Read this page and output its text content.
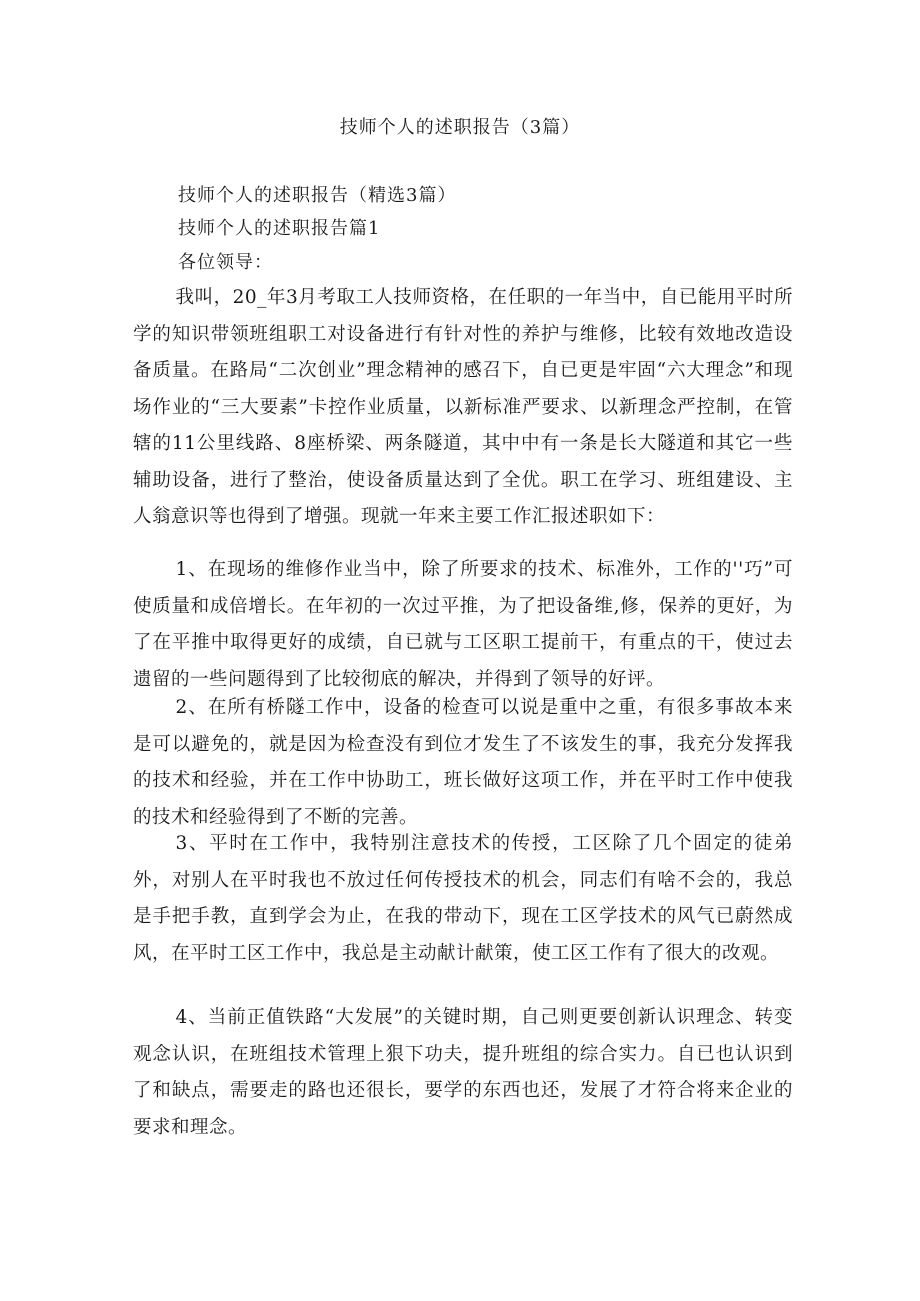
技师个人的述职报告（3篇）
技师个人的述职报告（精选3篇）
技师个人的述职报告篇1
各位领导：

我叫，20_年3月考取工人技师资格，在任职的一年当中，自已能用平时所学的知识带领班组职工对设备进行有针对性的养护与维修，比较有效地改造设备质量。在路局“二次创业”理念精神的感召下，自已更是牢固“六大理念”和现场作业的“三大要素”卡控作业质量，以新标准严要求、以新理念严控制，在管辖的11公里线路、8座桥梁、两条隧道，其中中有一条是长大隧道和其它一些辅助设备，进行了整治，使设备质量达到了全优。职工在学习、班组建设、主人翁意识等也得到了增强。现就一年来主要工作汇报述职如下：

1、在现场的维修作业当中，除了所要求的技术、标准外，工作的''巧”可使质量和成倍增长。在年初的一次过平推，为了把设备维,修，保养的更好，为了在平推中取得更好的成绩，自已就与工区职工提前干，有重点的干，使过去遗留的一些问题得到了比较彻底的解决，并得到了领导的好评。

2、在所有桥隧工作中，设备的检查可以说是重中之重，有很多事故本来是可以避免的，就是因为检查没有到位才发生了不该发生的事，我充分发挥我的技术和经验，并在工作中协助工，班长做好这项工作，并在平时工作中使我的技术和经验得到了不断的完善。

3、平时在工作中，我特别注意技术的传授，工区除了几个固定的徒弟外，对别人在平时我也不放过任何传授技术的机会，同志们有啥不会的，我总是手把手教，直到学会为止，在我的带动下，现在工区学技术的风气已蔚然成风，在平时工区工作中，我总是主动献计献策，使工区工作有了很大的改观。

4、当前正值铁路“大发展”的关键时期，自己则更要创新认识理念、转变观念认识，在班组技术管理上狠下功夫，提升班组的综合实力。自已也认识到了和缺点，需要走的路也还很长，要学的东西也还，发展了才符合将来企业的要求和理念。
